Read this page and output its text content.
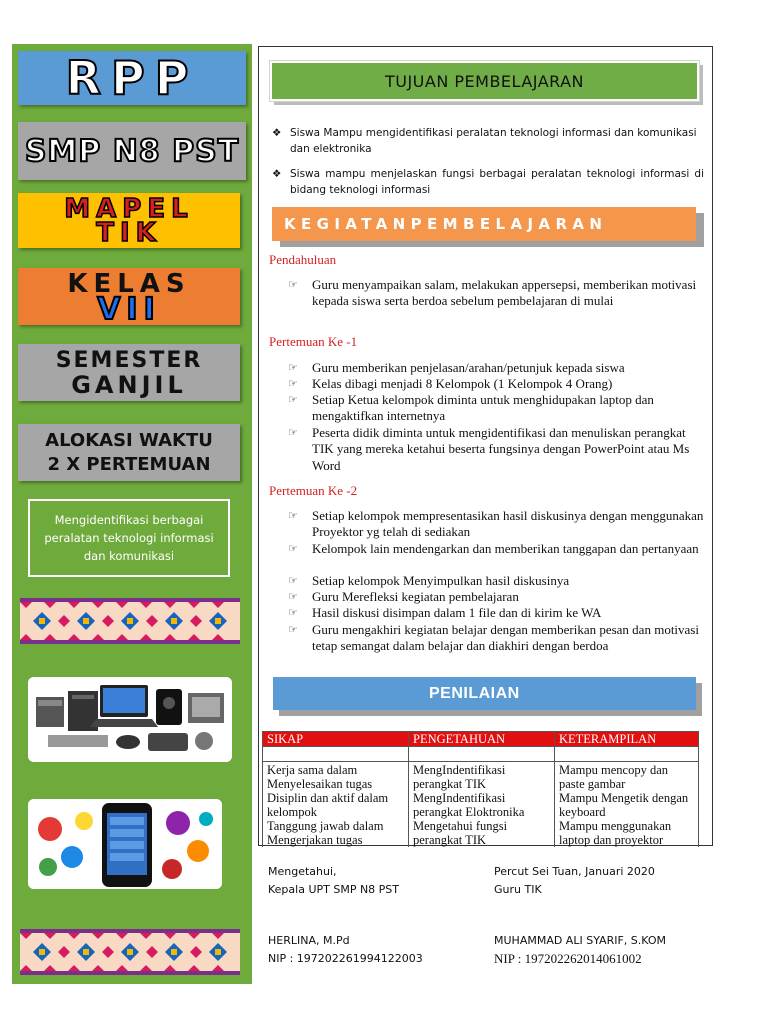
RPP
SMP N8 PST
MAPEL
TIK
KELAS
VII
SEMESTER
GANJIL
ALOKASI WAKTU
2 X PERTEMUAN
Mengidentifikasi berbagai peralatan teknologi informasi dan komunikasi
TUJUAN PEMBELAJARAN
❖ Siswa Mampu mengidentifikasi peralatan teknologi informasi dan komunikasi dan elektronika
❖ Siswa mampu menjelaskan fungsi berbagai peralatan teknologi informasi di bidang teknologi informasi
KEGIATANPEMBELAJARAN
Pendahuluan
☞ Guru menyampaikan salam, melakukan appersepsi, memberikan motivasi kepada siswa serta berdoa sebelum pembelajaran di mulai
Pertemuan Ke -1
☞ Guru memberikan penjelasan/arahan/petunjuk kepada siswa
☞ Kelas dibagi menjadi 8 Kelompok (1 Kelompok 4 Orang)
☞ Setiap Ketua kelompok diminta untuk menghidupakan laptop dan mengaktifkan internetnya
☞ Peserta didik diminta untuk mengidentifikasi dan menuliskan perangkat TIK yang mereka ketahui beserta fungsinya dengan PowerPoint atau Ms Word
Pertemuan Ke -2
☞ Setiap kelompok mempresentasikan hasil diskusinya dengan menggunakan Proyektor yg telah di sediakan
☞ Kelompok lain mendengarkan dan memberikan tanggapan dan pertanyaan
☞ Setiap kelompok Menyimpulkan hasil diskusinya
☞ Guru Merefleksi kegiatan pembelajaran
☞ Hasil diskusi disimpan dalam 1 file dan di kirim ke WA
☞ Guru mengakhiri kegiatan belajar dengan memberikan pesan dan motivasi tetap semangat dalam belajar dan diakhiri dengan berdoa
PENILAIAN
SIKAP	PENGETAHUAN	KETERAMPILAN

Kerja sama dalam Menyelesaikan tugas	MengIndentifikasi perangkat TIK	Mampu mencopy dan paste gambar
Disiplin dan aktif dalam kelompok	MengIndentifikasi perangkat Eloktronika	Mampu Mengetik dengan keyboard
Tanggung jawab dalam Mengerjakan tugas	Mengetahui fungsi perangkat TIK	Mampu menggunakan laptop dan proyektor
Mengetahui,
Kepala UPT SMP N8 PST
HERLINA, M.Pd
NIP : 197202261994122003
Percut Sei Tuan, Januari 2020
Guru TIK
MUHAMMAD ALI SYARIF, S.KOM
NIP : 197202262014061002
